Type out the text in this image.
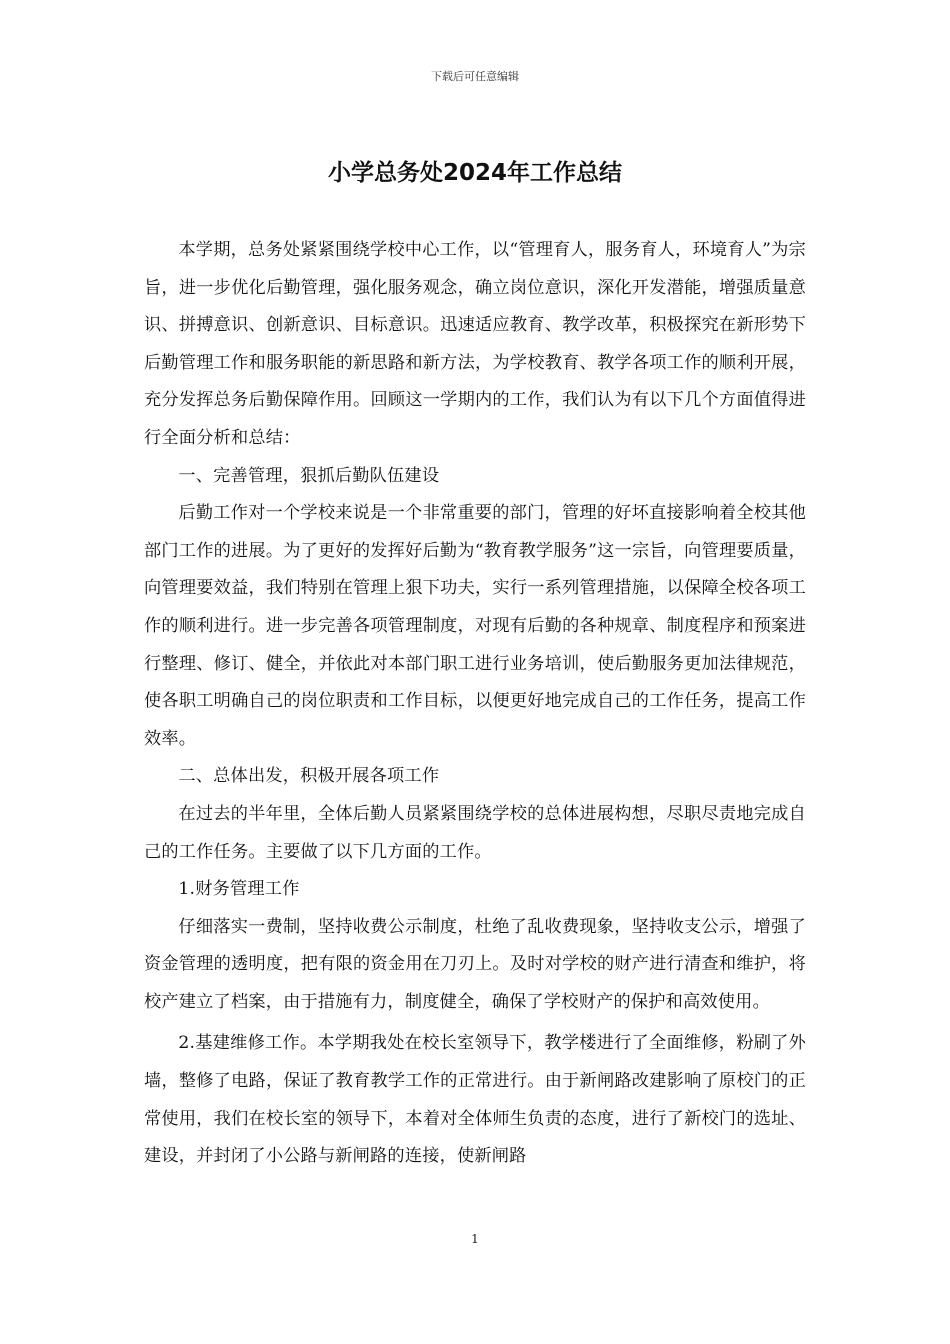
下载后可任意编辑
小学总务处2024年工作总结

本学期，总务处紧紧围绕学校中心工作，以“管理育人，服务育人，环境育人”为宗旨，进一步优化后勤管理，强化服务观念，确立岗位意识，深化开发潜能，增强质量意识、拼搏意识、创新意识、目标意识。迅速适应教育、教学改革，积极探究在新形势下后勤管理工作和服务职能的新思路和新方法，为学校教育、教学各项工作的顺利开展，充分发挥总务后勤保障作用。回顾这一学期内的工作，我们认为有以下几个方面值得进行全面分析和总结：

一、完善管理，狠抓后勤队伍建设

后勤工作对一个学校来说是一个非常重要的部门，管理的好坏直接影响着全校其他部门工作的进展。为了更好的发挥好后勤为“教育教学服务”这一宗旨，向管理要质量，向管理要效益，我们特别在管理上狠下功夫，实行一系列管理措施，以保障全校各项工作的顺利进行。进一步完善各项管理制度，对现有后勤的各种规章、制度程序和预案进行整理、修订、健全，并依此对本部门职工进行业务培训，使后勤服务更加法律规范，使各职工明确自己的岗位职责和工作目标，以便更好地完成自己的工作任务，提高工作效率。

二、总体出发，积极开展各项工作

在过去的半年里，全体后勤人员紧紧围绕学校的总体进展构想，尽职尽责地完成自己的工作任务。主要做了以下几方面的工作。

1.财务管理工作

仔细落实一费制，坚持收费公示制度，杜绝了乱收费现象，坚持收支公示，增强了资金管理的透明度，把有限的资金用在刀刃上。及时对学校的财产进行清查和维护，将校产建立了档案，由于措施有力，制度健全，确保了学校财产的保护和高效使用。

2.基建维修工作。本学期我处在校长室领导下，教学楼进行了全面维修，粉刷了外墙，整修了电路，保证了教育教学工作的正常进行。由于新闸路改建影响了原校门的正常使用，我们在校长室的领导下，本着对全体师生负责的态度，进行了新校门的选址、建设，并封闭了小公路与新闸路的连接，使新闸路

1
